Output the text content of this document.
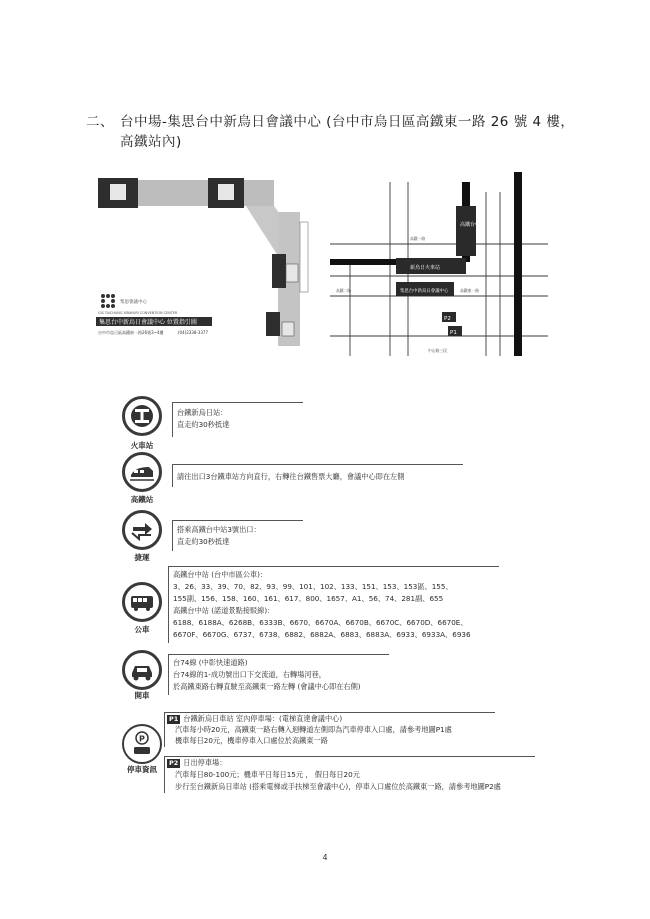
二、 台中場-集思台中新烏日會議中心 (台中市烏日區高鐵東一路 26 號 4 樓，
高鐵站內)
集思會議中心
GIS TAICHUNG XINWURI CONVENTION CENTER
集思台中新烏日會議中心 位置指引圖
台中市烏日區高鐵東一路26號3~4樓	(04)2338-3377
高鐵台中站
新烏日火車站
集思台中新烏日會議中心
P2
P1
高鐵一路
高鐵二路	高鐵東一路
中山路三段
火車站
台鐵新烏日站：
直走約30秒抵達
高鐵站
請往出口3台鐵車站方向直行，右轉往台鐵售票大廳，會議中心即在左側
捷運
搭乘高鐵台中站3號出口：
直走約30秒抵達
公車
高鐵台中站 (台中市區公車)：
3、26、33、39、70、82、93、99、101、102、133、151、153、153區、155、
155副、156、158、160、161、617、800、1657、A1、56、74、281副、655
高鐵台中站 (諾道景點接駁線)：
6188、6188A、6268B、6333B、6670、6670A、6670B、6670C、6670D、6670E、
6670F、6670G、6737、6738、6882、6882A、6883、6883A、6933、6933A、6936
開車
台74線 (中彰快速道路)
台74線的1-成功號出口下交流道，右轉場河巷，
於高鐵東路右轉直駛至高鐵東一路左轉 (會議中心即在右側)
P
停車資訊
P1 台鐵新烏日車站 室內停車場：(電梯直達會議中心)
汽車每小時20元，高鐵東一路右轉入迴轉道左側即為汽車停車入口處，請參考地圖P1處
機車每日20元，機車停車入口處位於高鐵東一路
P2 日出停車場：
汽車每日80-100元；機車平日每日15元 ， 假日每日20元
步行至台鐵新烏日車站 (搭乘電梯或手扶梯至會議中心)，停車入口處位於高鐵東一路，請參考地圖P2處
4
